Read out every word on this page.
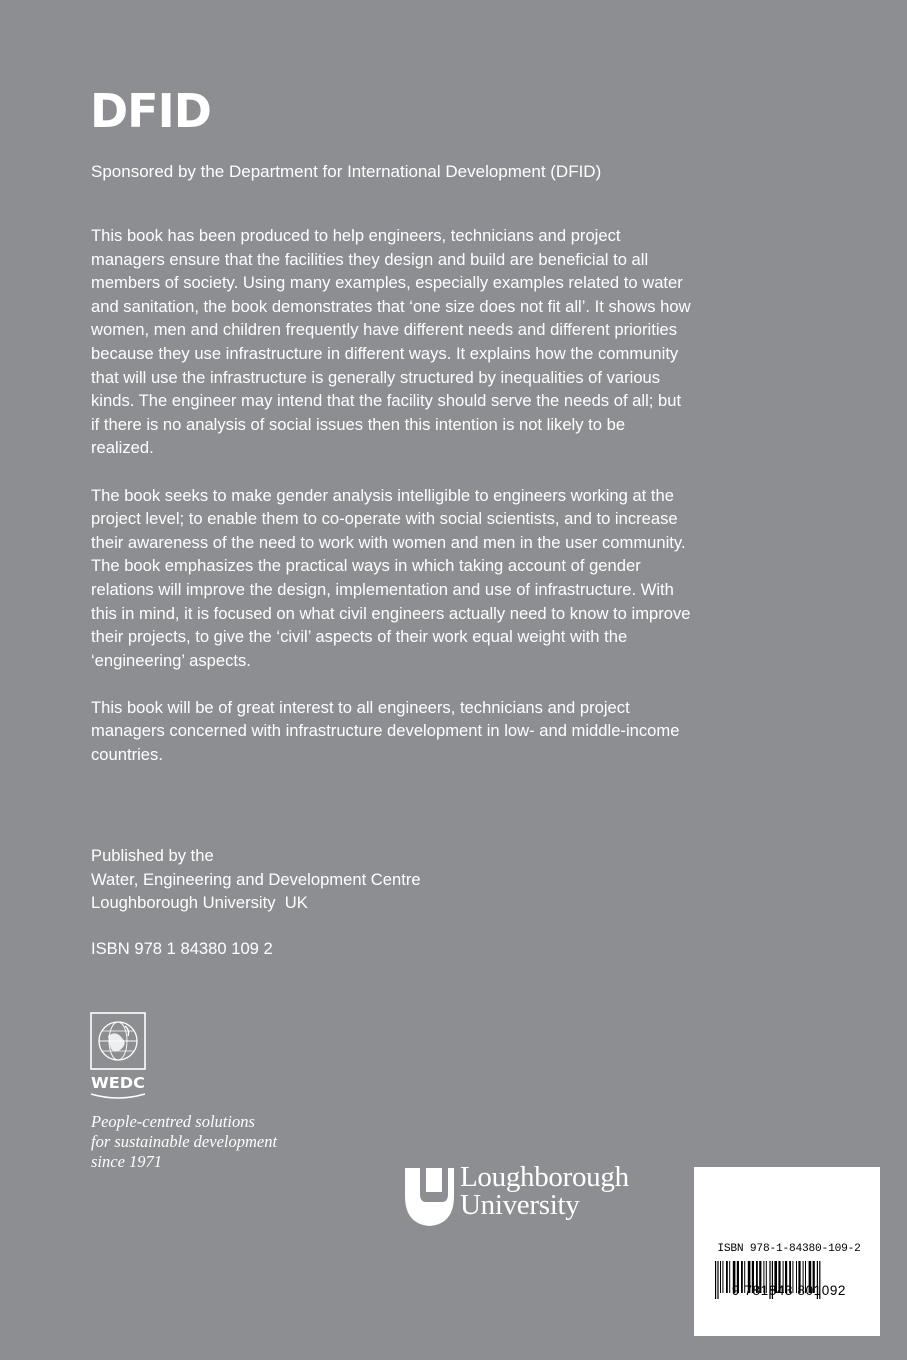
DFID
Sponsored by the Department for International Development (DFID)

This book has been produced to help engineers, technicians and project managers ensure that the facilities they design and build are beneficial to all members of society. Using many examples, especially examples related to water and sanitation, the book demonstrates that ‘one size does not fit all’. It shows how women, men and children frequently have different needs and different priorities because they use infrastructure in different ways. It explains how the community that will use the infrastructure is generally structured by inequalities of various kinds. The engineer may intend that the facility should serve the needs of all; but if there is no analysis of social issues then this intention is not likely to be realized.

The book seeks to make gender analysis intelligible to engineers working at the project level; to enable them to co-operate with social scientists, and to increase their awareness of the need to work with women and men in the user community. The book emphasizes the practical ways in which taking account of gender relations will improve the design, implementation and use of infrastructure. With this in mind, it is focused on what civil engineers actually need to know to improve their projects, to give the ‘civil’ aspects of their work equal weight with the ‘engineering’ aspects.

This book will be of great interest to all engineers, technicians and project managers concerned with infrastructure development in low- and middle-income countries.

Published by the
Water, Engineering and Development Centre
Loughborough University  UK
ISBN 978 1 84380 109 2
WEDC
People-centred solutions
for sustainable development
since 1971	Loughborough
University
ISBN 978-1-84380-109-2
9 781843 801092
